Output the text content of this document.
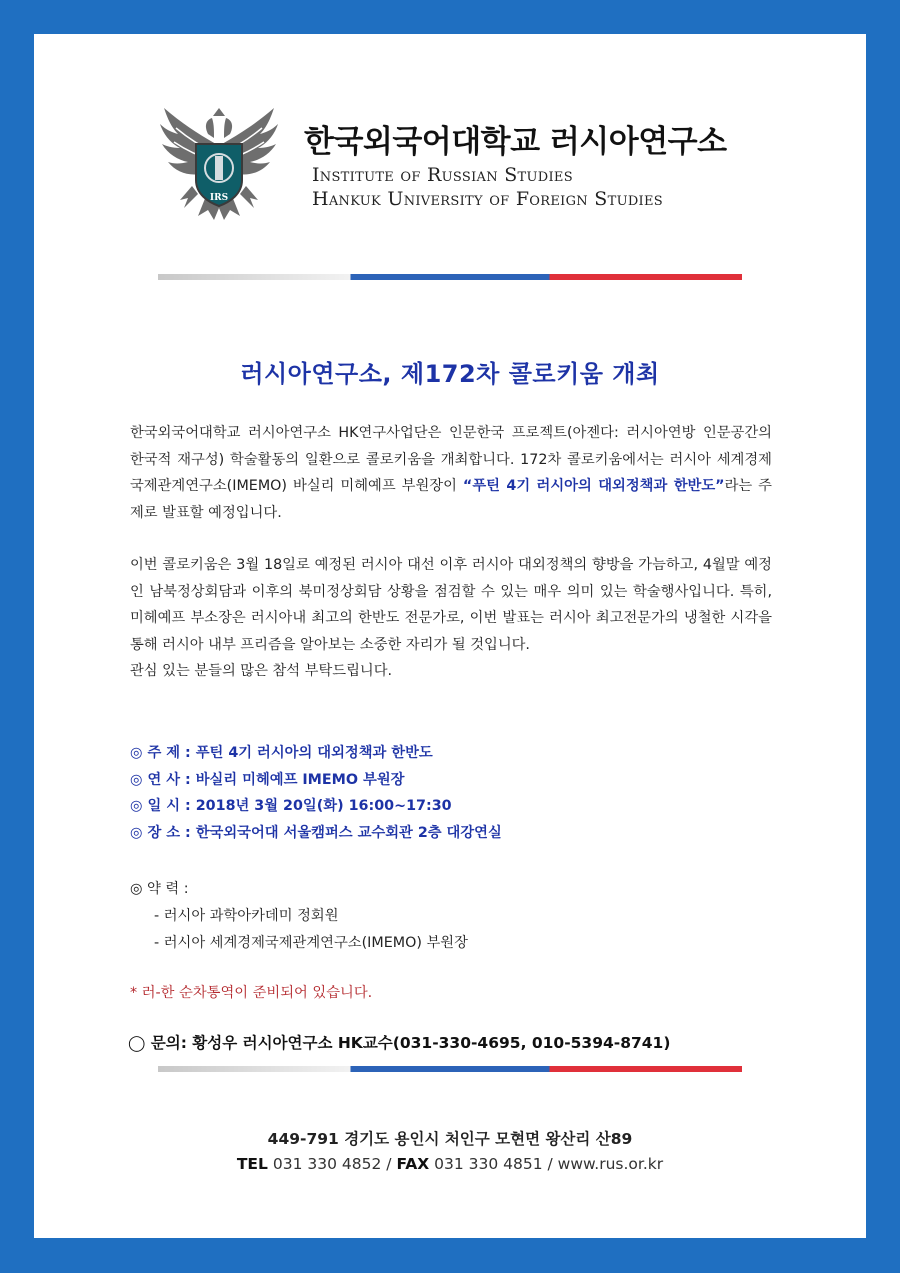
IRS
한국외국어대학교 러시아연구소
Institute of Russian Studies
Hankuk University of Foreign Studies
러시아연구소, 제172차 콜로키움 개최

한국외국어대학교 러시아연구소 HK연구사업단은 인문한국 프로젝트(아젠다: 러시아연방 인문공간의 한국적 재구성) 학술활동의 일환으로 콜로키움을 개최합니다. 172차 콜로키움에서는 러시아 세계경제국제관계연구소(IMEMO) 바실리 미헤예프 부원장이 “푸틴 4기 러시아의 대외정책과 한반도”라는 주제로 발표할 예정입니다.

이번 콜로키움은 3월 18일로 예정된 러시아 대선 이후 러시아 대외정책의 향방을 가늠하고, 4월말 예정인 남북정상회담과 이후의 북미정상회담 상황을 점검할 수 있는 매우 의미 있는 학술행사입니다. 특히, 미헤예프 부소장은 러시아내 최고의 한반도 전문가로, 이번 발표는 러시아 최고전문가의 냉철한 시각을 통해 러시아 내부 프리즘을 알아보는 소중한 자리가 될 것입니다.
관심 있는 분들의 많은 참석 부탁드립니다.
◎ 주 제 : 푸틴 4기 러시아의 대외정책과 한반도
◎ 연 사 : 바실리 미헤예프 IMEMO 부원장
◎ 일 시 : 2018년 3월 20일(화) 16:00~17:30
◎ 장 소 : 한국외국어대 서울캠퍼스 교수회관 2층 대강연실
◎ 약 력 :
- 러시아 과학아카데미 정회원
- 러시아 세계경제국제관계연구소(IMEMO) 부원장
* 러-한 순차통역이 준비되어 있습니다.
◯ 문의: 황성우 러시아연구소 HK교수(031-330-4695, 010-5394-8741)
449-791 경기도 용인시 처인구 모현면 왕산리 산89
TEL 031 330 4852 / FAX 031 330 4851 / www.rus.or.kr
